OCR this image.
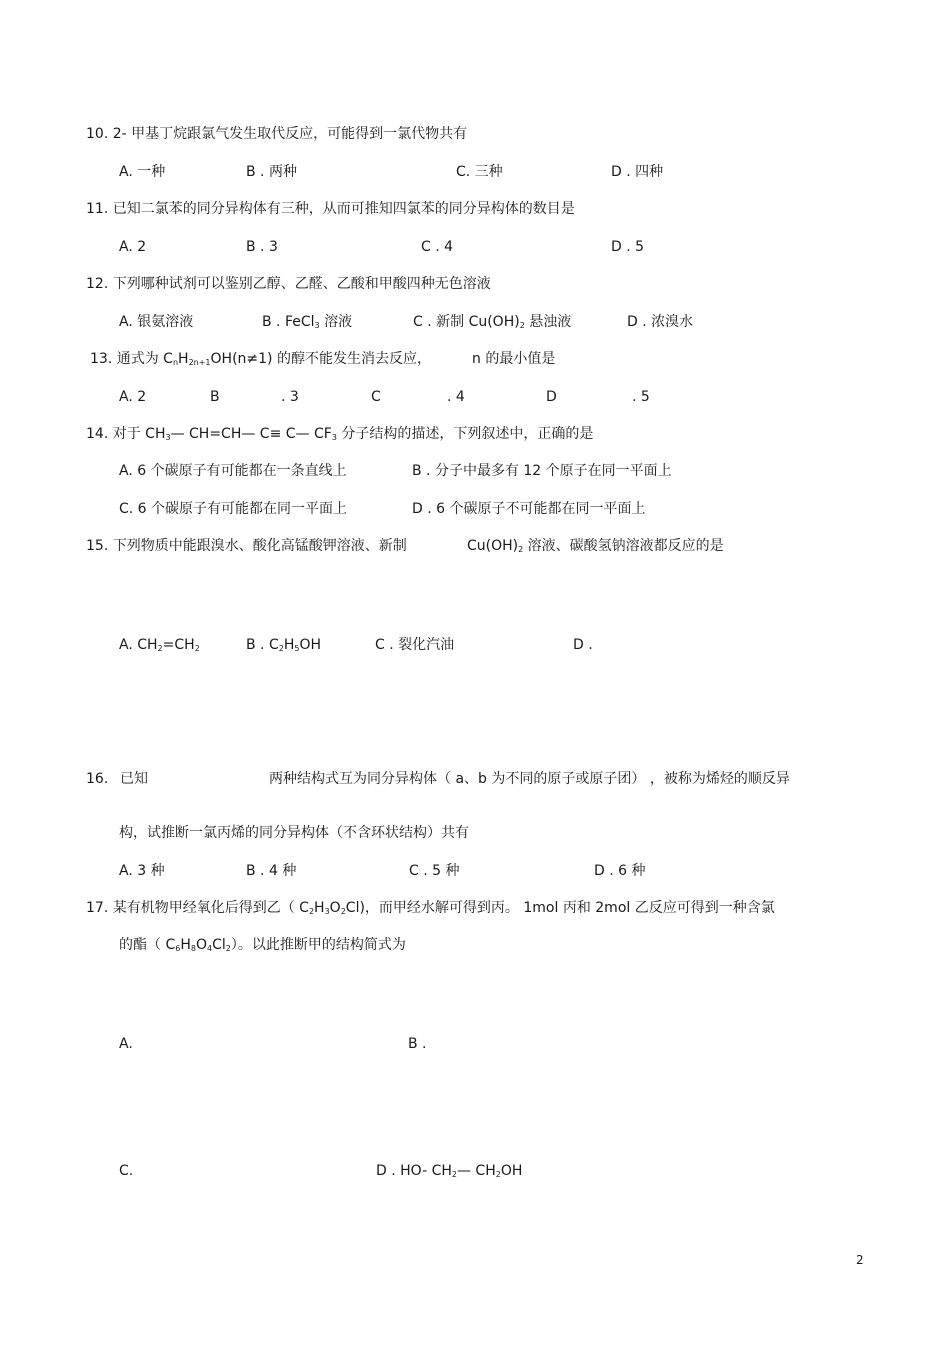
10. 2- 甲基丁烷跟氯气发生取代反应，可能得到一氯代物共有
A. 一种	B . 两种	C. 三种	D . 四种
11. 已知二氯苯的同分异构体有三种，从而可推知四氯苯的同分异构体的数目是
A. 2	B . 3	C . 4	D . 5
12. 下列哪种试剂可以鉴别乙醇、乙醛、乙酸和甲酸四种无色溶液
A. 银氨溶液	B . FeCl$_3$ 溶液	C . 新制 $Cu(OH)_2$ 悬浊液	D . 浓溴水
13. 通式为 $C_nH_{2n+1}OH(n\ne 1)$ 的醇不能发生消去反应，	n 的最小值是
A. 2	B	. 3	C	. 4	D	. 5
14. 对于 $CH_3—$ CH=CH— C≡ C— $CF_3$ 分子结构的描述，下列叙述中，正确的是
A. 6 个碳原子有可能都在一条直线上	B . 分子中最多有 12 个原子在同一平面上
C. 6 个碳原子有可能都在同一平面上	D . 6 个碳原子不可能都在同一平面上
15. 下列物质中能跟溴水、酸化高锰酸钾溶液、新制	$Cu(OH)_2$ 溶液、碳酸氢钠溶液都反应的是
A. $CH_2=CH_2$	B . $C_2H_5OH$	C . 裂化汽油	D .
16. 已知	两种结构式互为同分异构体（ a、b 为不同的原子或原子团） ，被称为烯烃的顺反异
构，试推断一氯丙烯的同分异构体（不含环状结构）共有
A. 3 种	B . 4 种	C . 5 种	D . 6 种
17. 某有机物甲经氧化后得到乙（ $C_2H_3O_2Cl$)，而甲经水解可得到丙。 1mol 丙和 2mol 乙反应可得到一种含氯
的酯（ $C_6H_8O_4Cl_2$）。以此推断甲的结构简式为
A.	B .
C.	D . HO- $CH_2—$ $CH_2OH$
2
